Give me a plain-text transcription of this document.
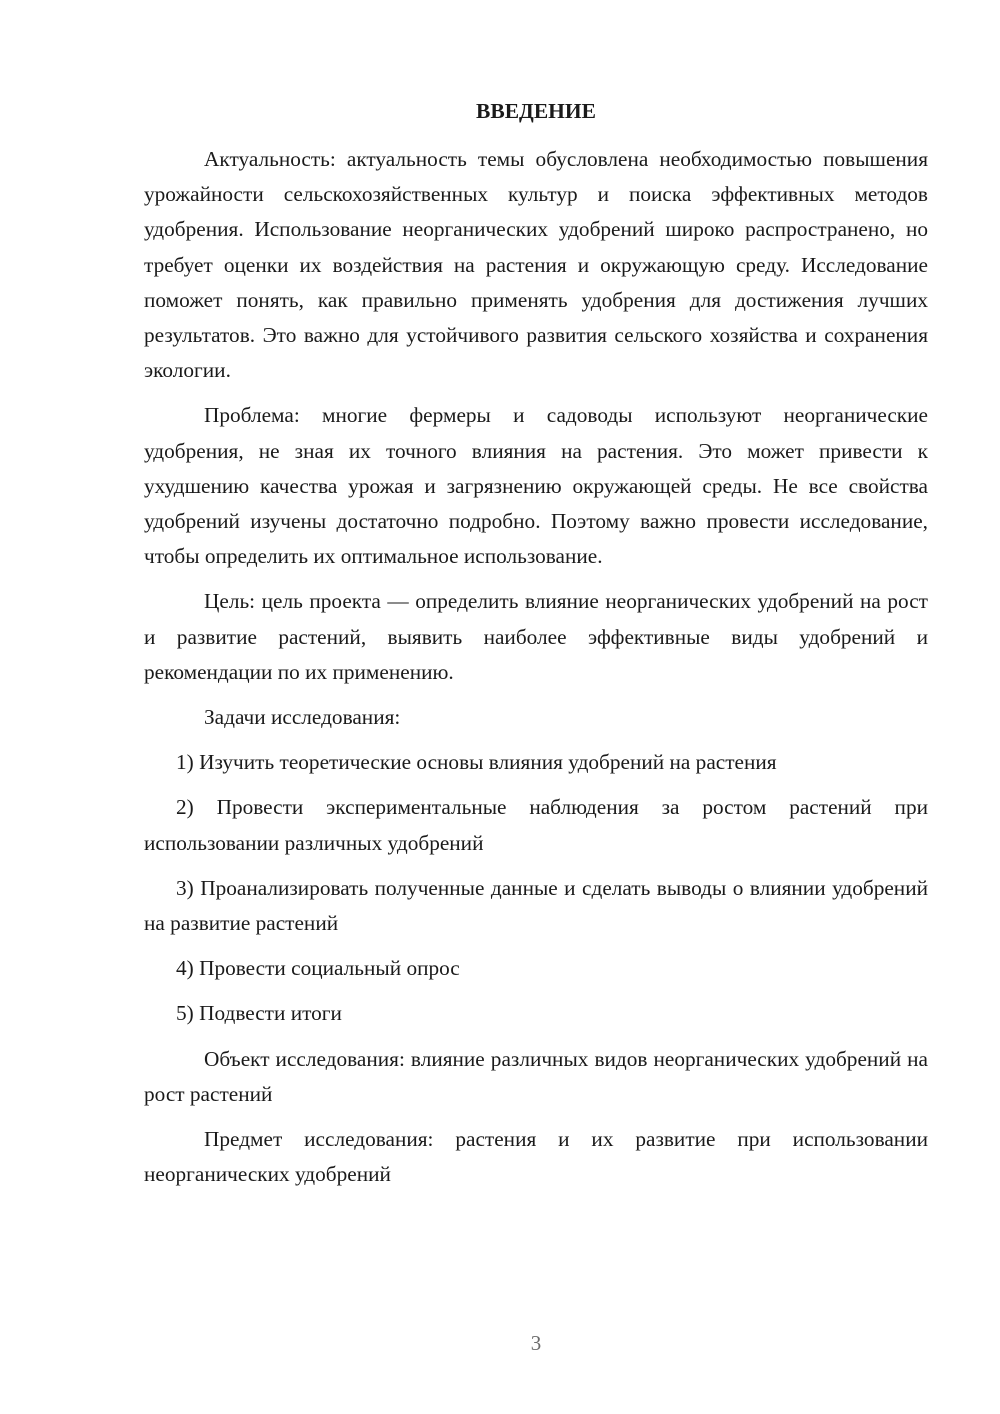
ВВЕДЕНИЕ

Актуальность: актуальность темы обусловлена необходимостью повышения урожайности сельскохозяйственных культур и поиска эффективных методов удобрения. Использование неорганических удобрений широко распространено, но требует оценки их воздействия на растения и окружающую среду. Исследование поможет понять, как правильно применять удобрения для достижения лучших результатов. Это важно для устойчивого развития сельского хозяйства и сохранения экологии.

Проблема: многие фермеры и садоводы используют неорганические удобрения, не зная их точного влияния на растения. Это может привести к ухудшению качества урожая и загрязнению окружающей среды. Не все свойства удобрений изучены достаточно подробно. Поэтому важно провести исследование, чтобы определить их оптимальное использование.

Цель: цель проекта — определить влияние неорганических удобрений на рост и развитие растений, выявить наиболее эффективные виды удобрений и рекомендации по их применению.

Задачи исследования:

1) Изучить теоретические основы влияния удобрений на растения

2) Провести экспериментальные наблюдения за ростом растений при использовании различных удобрений

3) Проанализировать полученные данные и сделать выводы о влиянии удобрений на развитие растений

4) Провести социальный опрос

5) Подвести итоги

Объект исследования: влияние различных видов неорганических удобрений на рост растений

Предмет исследования: растения и их развитие при использовании неорганических удобрений

3
